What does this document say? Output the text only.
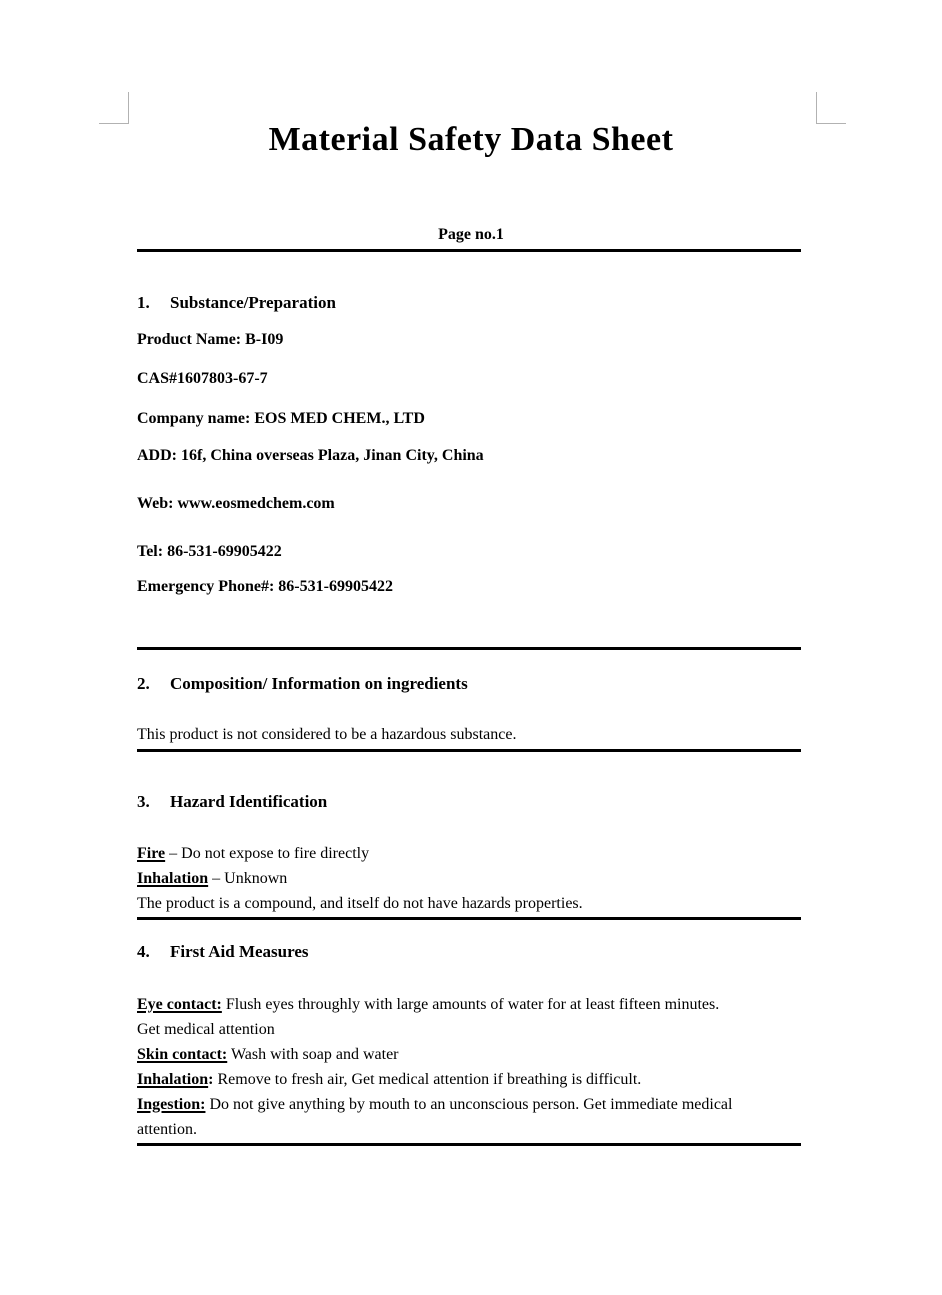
Material Safety Data Sheet
Page no.1
1. Substance/Preparation
Product Name: B-I09
CAS#1607803-67-7
Company name: EOS MED CHEM., LTD
ADD: 16f, China overseas Plaza, Jinan City, China
Web: www.eosmedchem.com
Tel: 86-531-69905422
Emergency Phone#: 86-531-69905422
2. Composition/ Information on ingredients
This product is not considered to be a hazardous substance.
3. Hazard Identification
Fire – Do not expose to fire directly
Inhalation – Unknown
The product is a compound, and itself do not have hazards properties.
4. First Aid Measures
Eye contact: Flush eyes throughly with large amounts of water for at least fifteen minutes.
Get medical attention
Skin contact: Wash with soap and water
Inhalation: Remove to fresh air, Get medical attention if breathing is difficult.
Ingestion: Do not give anything by mouth to an unconscious person. Get immediate medical
attention.
